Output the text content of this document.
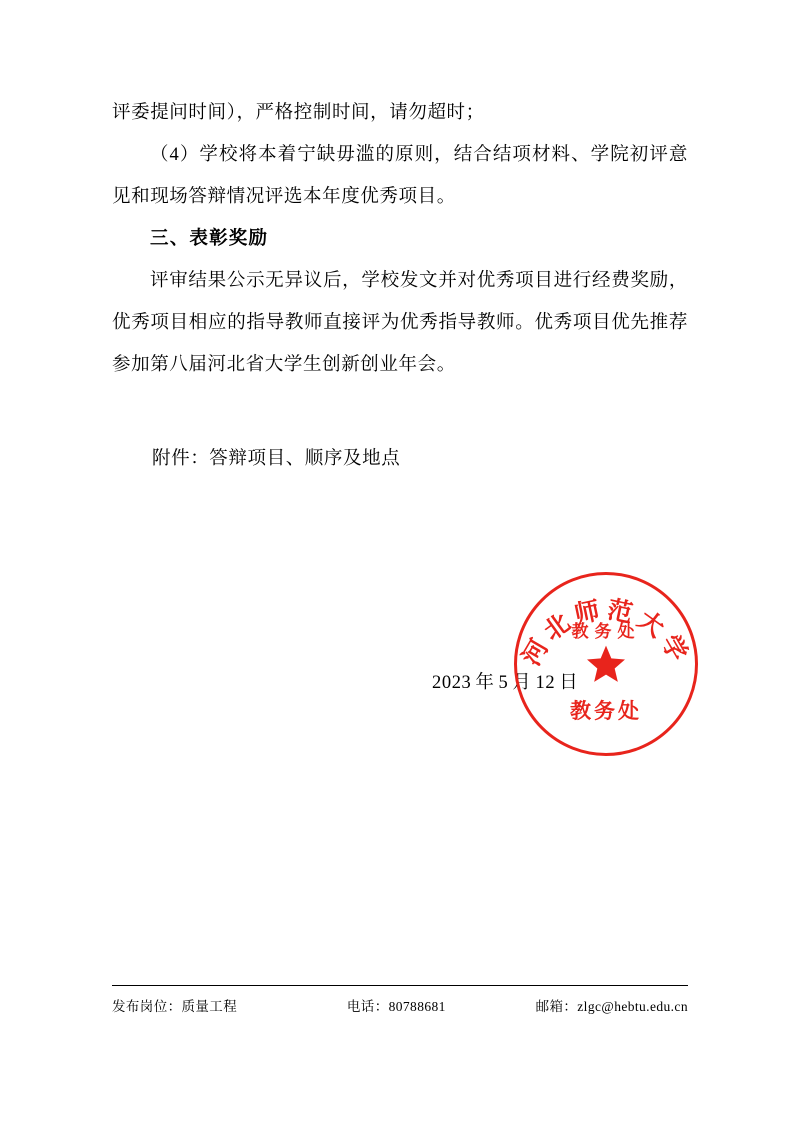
评委提问时间），严格控制时间，请勿超时；

（4）学校将本着宁缺毋滥的原则，结合结项材料、学院初评意见和现场答辩情况评选本年度优秀项目。

三、表彰奖励

评审结果公示无异议后，学校发文并对优秀项目进行经费奖励，优秀项目相应的指导教师直接评为优秀指导教师。优秀项目优先推荐参加第八届河北省大学生创新创业年会。

附件：答辩项目、顺序及地点

2023 年 5 月 12 日
河北师范大学
教务处
教务处
发布岗位：质量工程	电话：80788681	邮箱：zlgc@hebtu.edu.cn
